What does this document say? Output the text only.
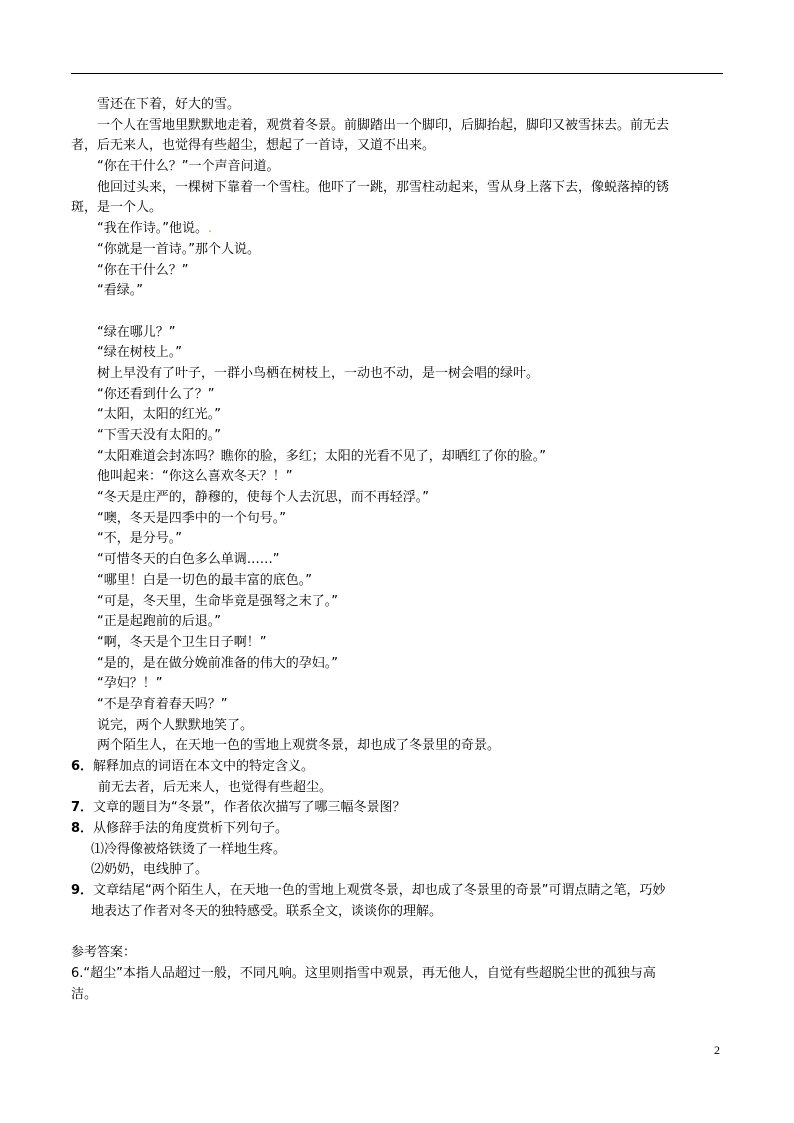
雪还在下着，好大的雪。
一个人在雪地里默默地走着，观赏着冬景。前脚踏出一个脚印，后脚抬起，脚印又被雪抹去。前无去
者，后无来人，也觉得有些超尘，想起了一首诗，又道不出来。
“你在干什么？”一个声音问道。
他回过头来，一棵树下靠着一个雪柱。他吓了一跳，那雪柱动起来，雪从身上落下去，像蜕落掉的锈
斑，是一个人。
“我在作诗。”他说。.
“你就是一首诗。”那个人说。
“你在干什么？”
“看绿。”
“绿在哪儿？”
“绿在树枝上。”
树上早没有了叶子，一群小鸟栖在树枝上，一动也不动，是一树会唱的绿叶。
“你还看到什么了？”
“太阳，太阳的红光。”
“下雪天没有太阳的。”
“太阳难道会封冻吗？瞧你的脸，多红；太阳的光看不见了，却晒红了你的脸。”
他叫起来：“你这么喜欢冬天？！”
“冬天是庄严的，静穆的，使每个人去沉思，而不再轻浮。”
“噢，冬天是四季中的一个句号。”
“不，是分号。”
“可惜冬天的白色多么单调……”
“哪里！白是一切色的最丰富的底色。”
“可是，冬天里，生命毕竟是强弩之末了。”
“正是起跑前的后退。”
“啊，冬天是个卫生日子啊！”
“是的，是在做分娩前准备的伟大的孕妇。”
“孕妇？！”
“不是孕育着春天吗？”
说完，两个人默默地笑了。
两个陌生人，在天地一色的雪地上观赏冬景，却也成了冬景里的奇景。
6．解释加点的词语在本文中的特定含义。
前无去者，后无来人，也觉得有些超尘。
7．文章的题目为“冬景”，作者依次描写了哪三幅冬景图？
8．从修辞手法的角度赏析下列句子。
⑴冷得像被烙铁烫了一样地生疼。
⑵奶奶，电线肿了。
9．文章结尾“两个陌生人，在天地一色的雪地上观赏冬景，却也成了冬景里的奇景”可谓点睛之笔，巧妙
地表达了作者对冬天的独特感受。联系全文，谈谈你的理解。
参考答案：
6.“超尘”本指人品超过一般，不同凡响。这里则指雪中观景，再无他人，自觉有些超脱尘世的孤独与高
洁。
2
